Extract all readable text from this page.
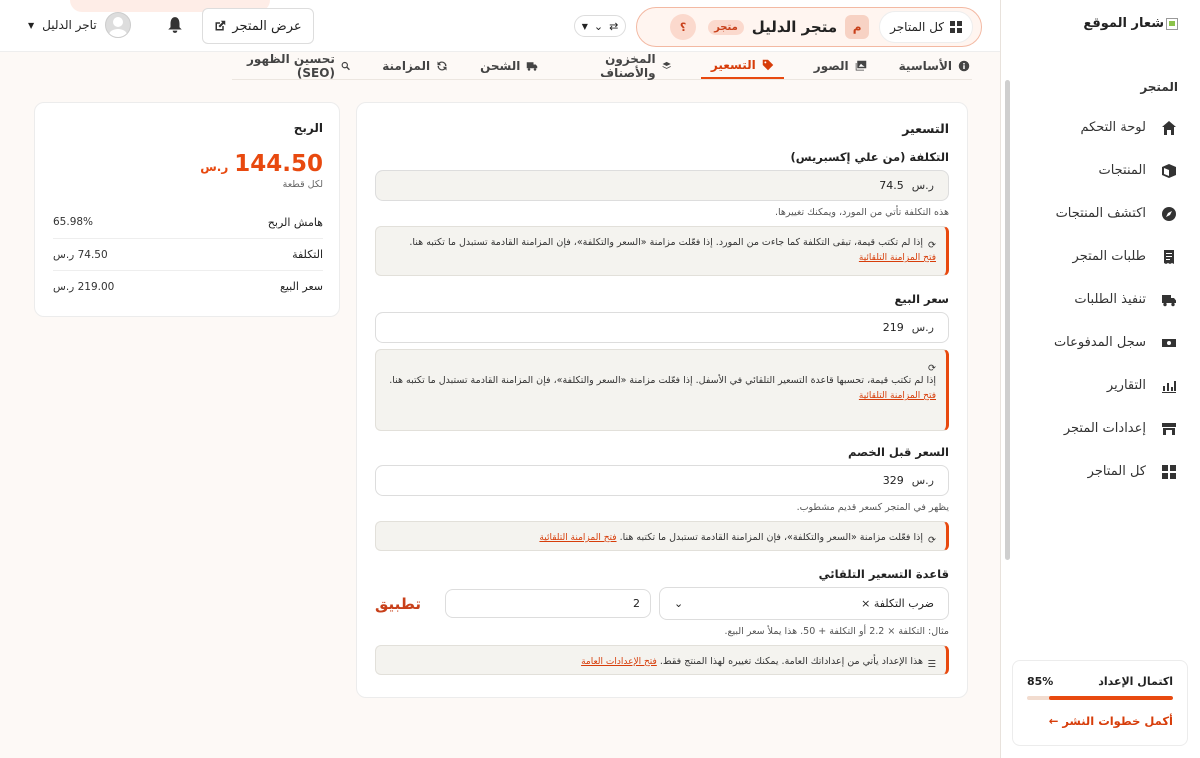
شعار الموقع
المتجر
لوحة التحكم
المنتجات
اكتشف المنتجات
طلبات المتجر
تنفيذ الطلبات
سجل المدفوعات
التقارير
إعدادات المتجر
كل المتاجر
اكتمال الإعداد
85%
أكمل خطوات النشر ←
كل المتاجر
م
متجر الدليل
متجر
؟
⇄
⌄
▼
عرض المتجر
تاجر الدليل
▼
الأساسية
الصور
التسعير
المخزون والأصناف
الشحن
المزامنة
تحسين الظهور (SEO)
التسعير
التكلفة (من علي إكسبريس)
ر.س
74.5
هذه التكلفة تأتي من المورد، ويمكنك تغييرها.
⟳ إذا لم تكتب قيمة، تبقى التكلفة كما جاءت من المورد. إذا فعّلت مزامنة «السعر والتكلفة»، فإن المزامنة القادمة تستبدل ما تكتبه هنا.
فتح المزامنة التلقائية
سعر البيع
ر.س
219
⟳
إذا لم تكتب قيمة، تحسبها قاعدة التسعير التلقائي في الأسفل. إذا فعّلت مزامنة «السعر والتكلفة»، فإن المزامنة القادمة تستبدل ما تكتبه هنا.
فتح المزامنة التلقائية
السعر قبل الخصم
ر.س
329
يظهر في المتجر كسعر قديم مشطوب.
⟳ إذا فعّلت مزامنة «السعر والتكلفة»، فإن المزامنة القادمة تستبدل ما تكتبه هنا. فتح المزامنة التلقائية
قاعدة التسعير التلقائي
ضرب التكلفة ×
⌄
2
تطبيق
مثال: التكلفة × 2.2 أو التكلفة + 50. هذا يملأ سعر البيع.
☰ هذا الإعداد يأتي من إعداداتك العامة. يمكنك تغييره لهذا المنتج فقط. فتح الإعدادات العامة
الربح
144.50
ر.س
لكل قطعة
هامش الربح
65.98%
التكلفة
74.50 ر.س
سعر البيع
219.00 ر.س
